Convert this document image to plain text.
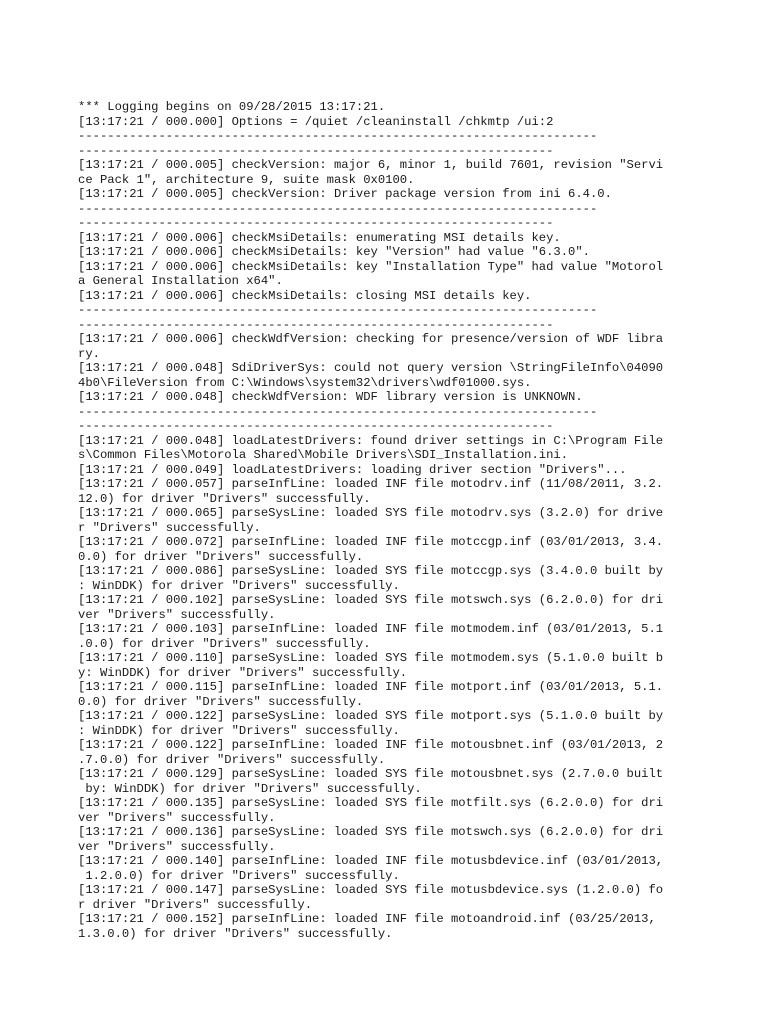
*** Logging begins on 09/28/2015 13:17:21.
[13:17:21 / 000.000] Options = /quiet /cleaninstall /chkmtp /ui:2
-----------------------------------------------------------------------
-----------------------------------------------------------------
[13:17:21 / 000.005] checkVersion: major 6, minor 1, build 7601, revision "Servi
ce Pack 1", architecture 9, suite mask 0x0100.
[13:17:21 / 000.005] checkVersion: Driver package version from ini 6.4.0.
-----------------------------------------------------------------------
-----------------------------------------------------------------
[13:17:21 / 000.006] checkMsiDetails: enumerating MSI details key.
[13:17:21 / 000.006] checkMsiDetails: key "Version" had value "6.3.0".
[13:17:21 / 000.006] checkMsiDetails: key "Installation Type" had value "Motorol
a General Installation x64".
[13:17:21 / 000.006] checkMsiDetails: closing MSI details key.
-----------------------------------------------------------------------
-----------------------------------------------------------------
[13:17:21 / 000.006] checkWdfVersion: checking for presence/version of WDF libra
ry.
[13:17:21 / 000.048] SdiDriverSys: could not query version \StringFileInfo\04090
4b0\FileVersion from C:\Windows\system32\drivers\wdf01000.sys.
[13:17:21 / 000.048] checkWdfVersion: WDF library version is UNKNOWN.
-----------------------------------------------------------------------
-----------------------------------------------------------------
[13:17:21 / 000.048] loadLatestDrivers: found driver settings in C:\Program File
s\Common Files\Motorola Shared\Mobile Drivers\SDI_Installation.ini.
[13:17:21 / 000.049] loadLatestDrivers: loading driver section "Drivers"...
[13:17:21 / 000.057] parseInfLine: loaded INF file motodrv.inf (11/08/2011, 3.2.
12.0) for driver "Drivers" successfully.
[13:17:21 / 000.065] parseSysLine: loaded SYS file motodrv.sys (3.2.0) for drive
r "Drivers" successfully.
[13:17:21 / 000.072] parseInfLine: loaded INF file motccgp.inf (03/01/2013, 3.4.
0.0) for driver "Drivers" successfully.
[13:17:21 / 000.086] parseSysLine: loaded SYS file motccgp.sys (3.4.0.0 built by
: WinDDK) for driver "Drivers" successfully.
[13:17:21 / 000.102] parseSysLine: loaded SYS file motswch.sys (6.2.0.0) for dri
ver "Drivers" successfully.
[13:17:21 / 000.103] parseInfLine: loaded INF file motmodem.inf (03/01/2013, 5.1
.0.0) for driver "Drivers" successfully.
[13:17:21 / 000.110] parseSysLine: loaded SYS file motmodem.sys (5.1.0.0 built b
y: WinDDK) for driver "Drivers" successfully.
[13:17:21 / 000.115] parseInfLine: loaded INF file motport.inf (03/01/2013, 5.1.
0.0) for driver "Drivers" successfully.
[13:17:21 / 000.122] parseSysLine: loaded SYS file motport.sys (5.1.0.0 built by
: WinDDK) for driver "Drivers" successfully.
[13:17:21 / 000.122] parseInfLine: loaded INF file motousbnet.inf (03/01/2013, 2
.7.0.0) for driver "Drivers" successfully.
[13:17:21 / 000.129] parseSysLine: loaded SYS file motousbnet.sys (2.7.0.0 built
by: WinDDK) for driver "Drivers" successfully.
[13:17:21 / 000.135] parseSysLine: loaded SYS file motfilt.sys (6.2.0.0) for dri
ver "Drivers" successfully.
[13:17:21 / 000.136] parseSysLine: loaded SYS file motswch.sys (6.2.0.0) for dri
ver "Drivers" successfully.
[13:17:21 / 000.140] parseInfLine: loaded INF file motusbdevice.inf (03/01/2013,
1.2.0.0) for driver "Drivers" successfully.
[13:17:21 / 000.147] parseSysLine: loaded SYS file motusbdevice.sys (1.2.0.0) fo
r driver "Drivers" successfully.
[13:17:21 / 000.152] parseInfLine: loaded INF file motoandroid.inf (03/25/2013,
1.3.0.0) for driver "Drivers" successfully.
